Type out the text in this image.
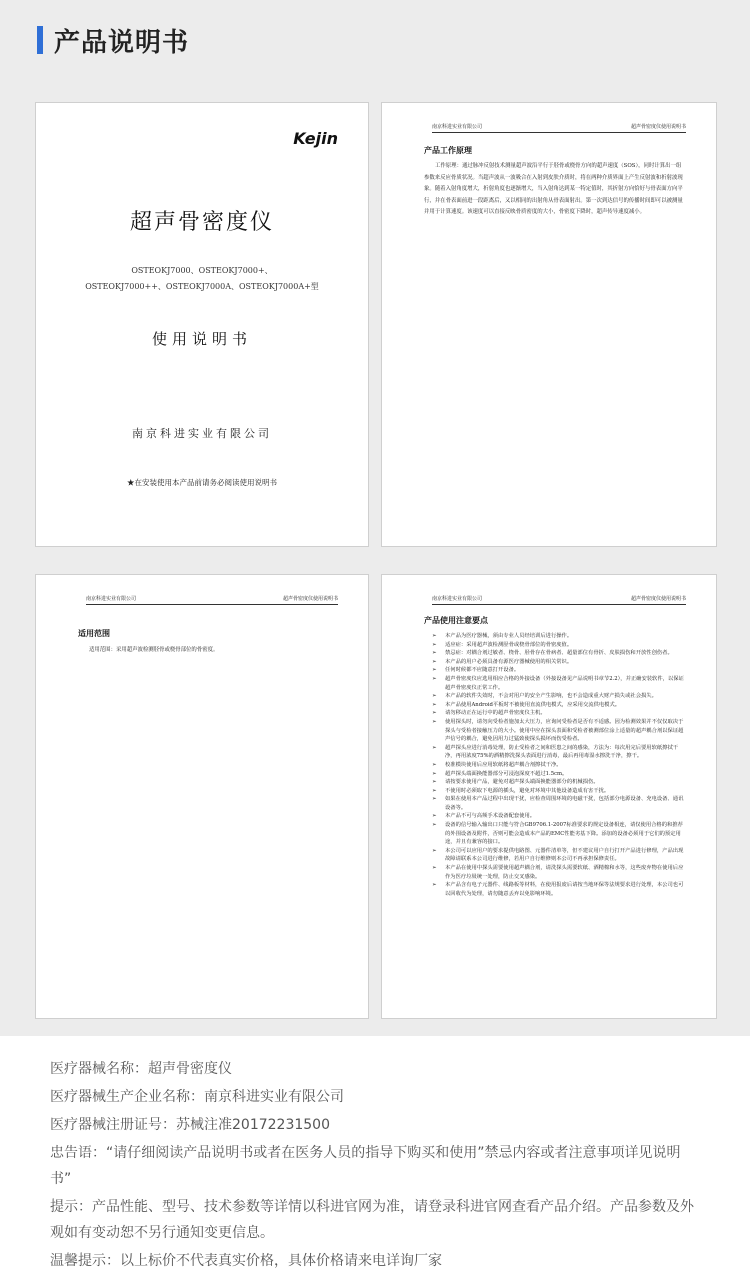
产品说明书
Kejin
超声骨密度仪
OSTEOKJ7000、OSTEOKJ7000+、
OSTEOKJ7000++、OSTEOKJ7000A、OSTEOKJ7000A+型
使用说明书
南京科进实业有限公司
★在安装使用本产品前请务必阅读使用说明书
南京科进实业有限公司	超声骨密度仪使用说明书
产品工作原理
工作原理：通过脉冲反射技术测量超声波沿平行于胫骨或桡骨方向的超声速度（SOS），同时计算出一组参数来反应骨质状况。当超声波从一波吸合在入射到皮肤介质时，将在两种介质界面上产生反射波和折射波现象。随着入射角度增大，折射角度也逐渐增大，当入射角达到某一特定值时，其折射方向恰好与骨表面方向平行，并在骨表面前进一段距离后，又以相同的出射角从骨表面射出。第一次到达信号的传播时间即可以被测量并用于计算速度。该速度可以直接反映骨质密度的大小，骨密度下降时，超声传导速度减小。
南京科进实业有限公司	超声骨密度仪使用说明书
适用范围
适用范围：采用超声波检测胫骨或桡骨部位的骨密度。
南京科进实业有限公司	超声骨密度仪使用说明书
产品使用注意要点
➢ 本产品为医疗器械，须由专业人员经培训后进行操作。
➢ 适应症：采用超声波检测胫骨或桡骨部位的骨密度值。
➢ 禁忌症：对耦合剂过敏者、桡骨、胫骨存在骨病者、超量部位有骨折、皮肤损伤和开放性创伤者。
➢ 本产品的用户必须具备有源医疗器械使用的相关常识。
➢ 任何时候都不应随意打开设备。
➢ 超声骨密度仪应选用相应合格的外接设备（外接设备见产品说明书章节2.2），并正确安装软件，以保证超声骨密度仪正常工作。
➢ 本产品的软件失效时，不会对用户的安全产生影响，也不会造成重大财产损失或社会损失。
➢ 本产品使用Android平板时不被使用直流供电模式，应采用交流供电模式。
➢ 请勿移动正在运行中的超声骨密度仪主机。
➢ 使用探头时，请勿向受检者施加太大压力，应询问受检者是否有不适感。因为检测效果并不仅仅取决于探头与受检者接触压力的大小。使用中应在探头表面和受检者被测部位涂上适量的超声耦合剂以保证超声信号的耦合，避免因用力过猛致使探头损坏而伤受检者。
➢ 超声探头应进行消毒处理，防止受检者之间和医患之间的感染，方法为：每次用完后要用软纸擦拭干净，再用浓度75%的酒精擦洗探头表面进行消毒，最后再用毒湿水擦洗干净，擦干。
➢ 校准模块使用后应用软纸将超声耦合剂擦拭干净。
➢ 超声探头端面换能器部分可浸泡深度不超过1.5cm。
➢ 请按要求使用产品，避免对超声探头端面换能器部分的机械损伤。
➢ 不使用时必须取下电源的插头，避免对环境中其他设备造成有害干扰。
➢ 如果在使用本产品过程中出现干扰，应检查周围环境的电磁干扰，包括部分电源设备、充电设备、通讯设备等。
➢ 本产品不可与高频手术设备配套使用。
➢ 设备的信号输入输出口只能与符合GB9706.1-2007标准要求的规定设备相连，请仅使用合格的和推荐的外围设备及附件，否则可能会造成本产品的EMC性能劣基下降。添加的设备必须用于它们的预定用途，并且有兼容的接口。
➢ 本公司可以应用户的要求提供电路图、元器件清单等，但不建议用户自行打开产品进行修理，产品出现故障请联系本公司进行维修，若用户自行维修则本公司不再承担保修责任。
➢ 本产品在使用中探头需要使用超声耦合剂，请洗探头需要软纸、酒精棉和水等，这些废弃物在使用后应作为医疗垃圾统一处理，防止交叉感染。
➢ 本产品含有电子元器件、线路板等材料，在使用报废后请按当地环保等法规要求进行处理，本公司也可以回收代为处理，请勿随意丢弃以免影响环境。

医疗器械名称：超声骨密度仪

医疗器械生产企业名称：南京科进实业有限公司

医疗器械注册证号：苏械注准20172231500

忠告语：“请仔细阅读产品说明书或者在医务人员的指导下购买和使用”禁忌内容或者注意事项详见说明书”

提示：产品性能、型号、技术参数等详情以科进官网为准，请登录科进官网查看产品介绍。产品参数及外观如有变动恕不另行通知变更信息。

温馨提示：以上标价不代表真实价格，具体价格请来电详询厂家
